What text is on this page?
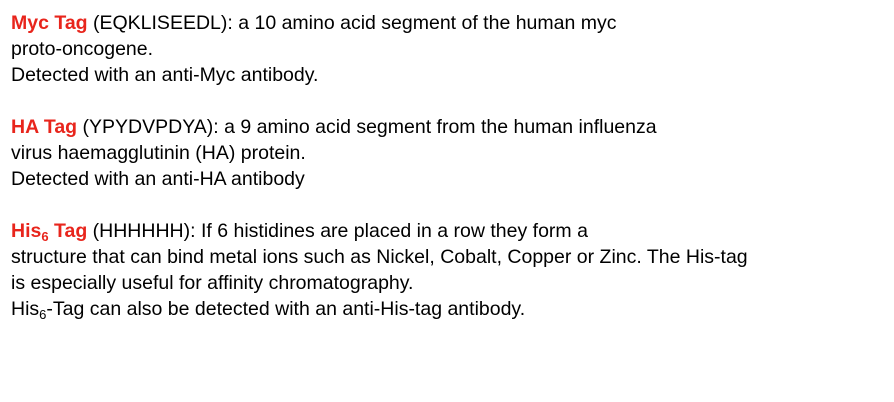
Myc Tag (EQKLISEEDL): a 10 amino acid segment of the human myc
proto-oncogene.
Detected with an anti-Myc antibody.
HA Tag (YPYDVPDYA): a 9 amino acid segment from the human influenza
virus haemagglutinin (HA) protein.
Detected with an anti-HA antibody
His$_6$ Tag (HHHHHH): If 6 histidines are placed in a row they form a
structure that can bind metal ions such as Nickel, Cobalt, Copper or Zinc. The His-tag
is especially useful for affinity chromatography.
His$_6$-Tag can also be detected with an anti-His-tag antibody.
